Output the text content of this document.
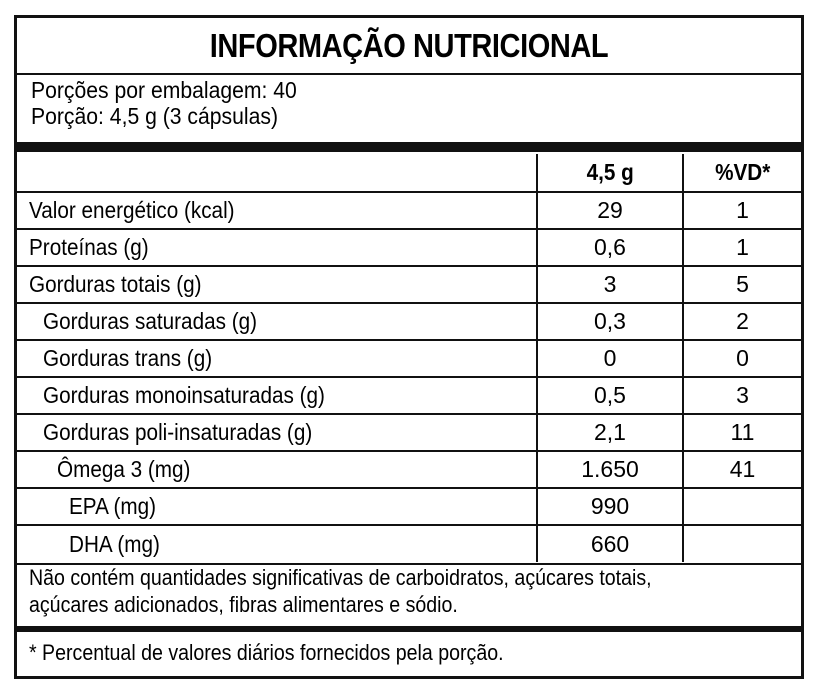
INFORMAÇÃO NUTRICIONAL
Porções por embalagem: 40
Porção: 4,5 g (3 cápsulas)
	4,5 g	%VD*
Valor energético (kcal)	29	1
Proteínas (g)	0,6	1
Gorduras totais (g)	3	5
Gorduras saturadas (g)	0,3	2
Gorduras trans (g)	0	0
Gorduras monoinsaturadas (g)	0,5	3
Gorduras poli-insaturadas (g)	2,1	11
Ômega 3 (mg)	1.650	41
EPA (mg)	990	
DHA (mg)	660	
Não contém quantidades significativas de carboidratos, açúcares totais,
açúcares adicionados, fibras alimentares e sódio.
* Percentual de valores diários fornecidos pela porção.
